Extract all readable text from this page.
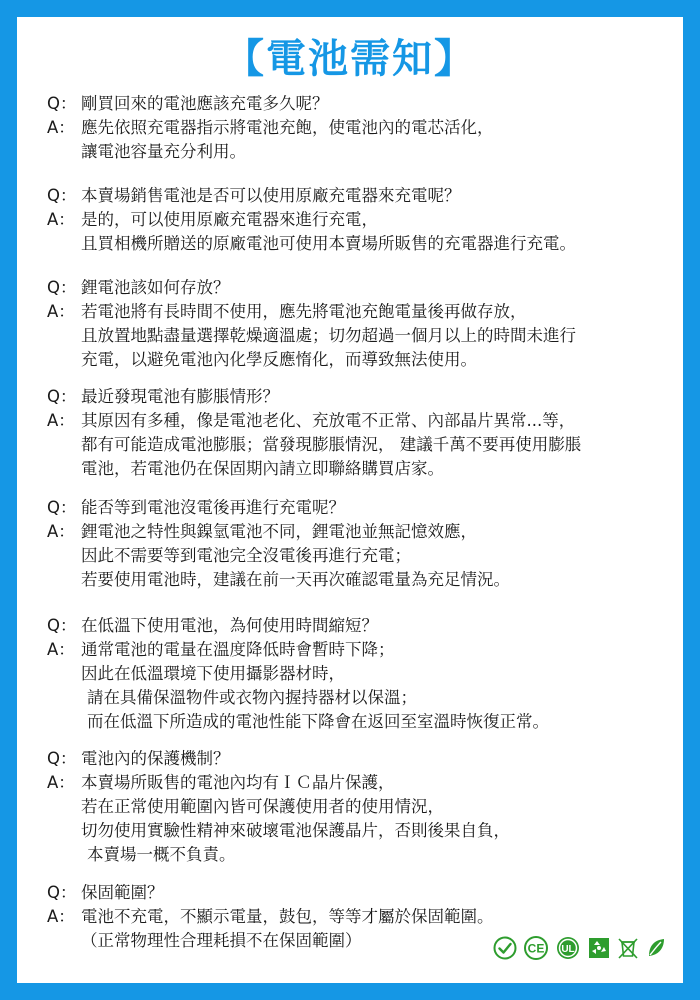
【電池需知】
Q： 剛買回來的電池應該充電多久呢？
A： 應先依照充電器指示將電池充飽，使電池內的電芯活化，
讓電池容量充分利用。
Q： 本賣場銷售電池是否可以使用原廠充電器來充電呢？
A： 是的，可以使用原廠充電器來進行充電，
且買相機所贈送的原廠電池可使用本賣場所販售的充電器進行充電。
Q： 鋰電池該如何存放？
A： 若電池將有長時間不使用，應先將電池充飽電量後再做存放，
且放置地點盡量選擇乾燥適溫處；切勿超過一個月以上的時間未進行
充電，以避免電池內化學反應惰化，而導致無法使用。
Q： 最近發現電池有膨脹情形？
A： 其原因有多種，像是電池老化、充放電不正常、內部晶片異常...等，
都有可能造成電池膨脹；當發現膨脹情況， 建議千萬不要再使用膨脹
電池，若電池仍在保固期內請立即聯絡購買店家。
Q： 能否等到電池沒電後再進行充電呢？
A： 鋰電池之特性與鎳氫電池不同，鋰電池並無記憶效應，
因此不需要等到電池完全沒電後再進行充電；
若要使用電池時，建議在前一天再次確認電量為充足情況。
Q： 在低溫下使用電池，為何使用時間縮短？
A： 通常電池的電量在溫度降低時會暫時下降；
因此在低溫環境下使用攝影器材時，
請在具備保溫物件或衣物內握持器材以保溫；
而在低溫下所造成的電池性能下降會在返回至室溫時恢復正常。
Q： 電池內的保護機制？
A： 本賣場所販售的電池內均有ＩＣ晶片保護，
若在正常使用範圍內皆可保護使用者的使用情況，
切勿使用實驗性精神來破壞電池保護晶片，否則後果自負，
本賣場一概不負責。
Q： 保固範圍？
A： 電池不充電，不顯示電量，鼓包，等等才屬於保固範圍。
（正常物理性合理耗損不在保固範圍）	CE UL
